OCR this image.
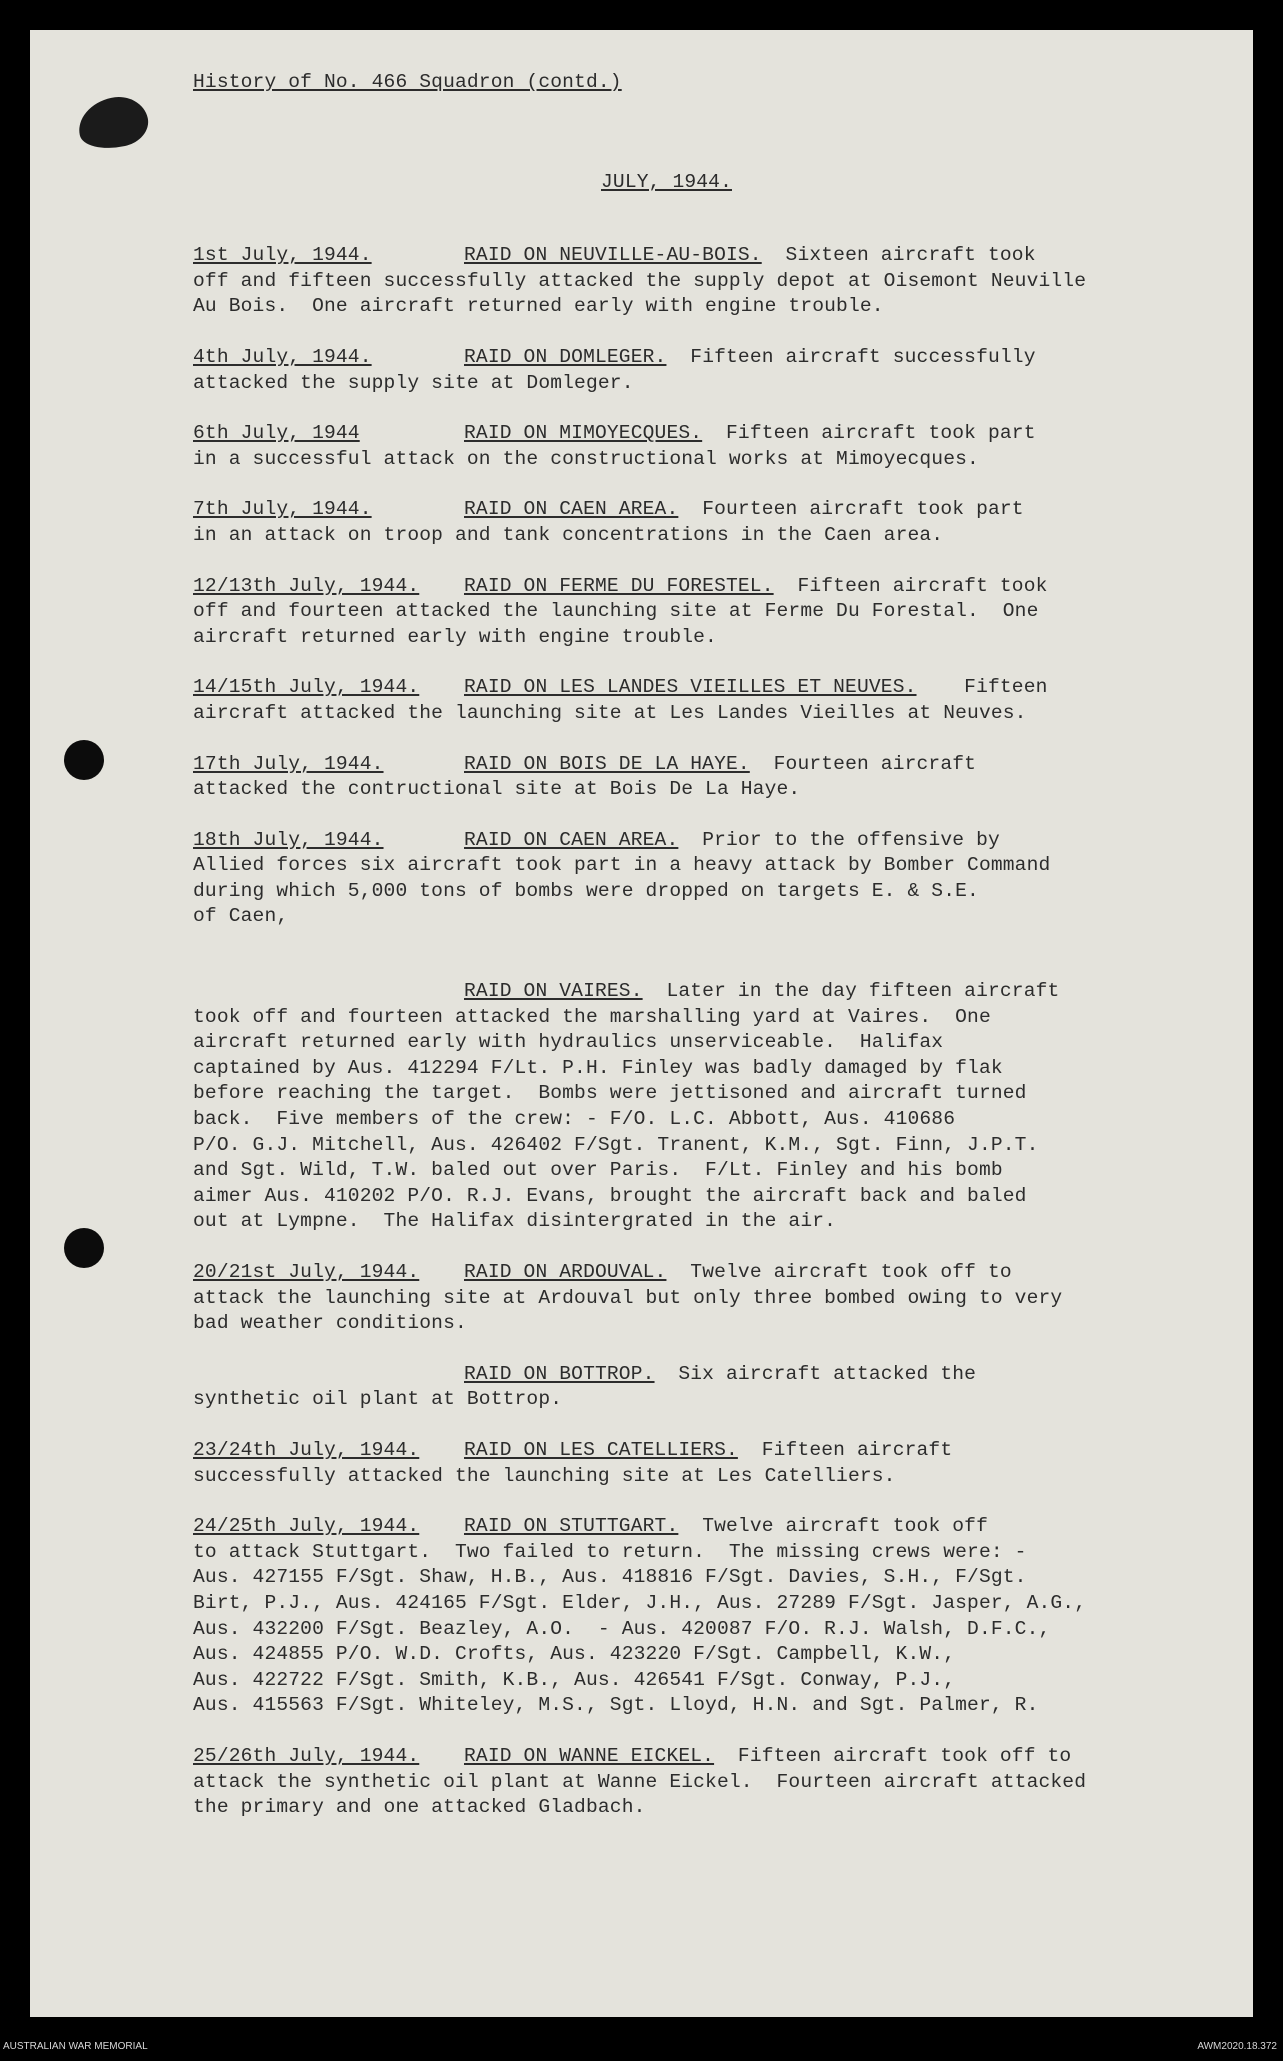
History of No. 466 Squadron (contd.)
JULY, 1944.
1st July, 1944.	RAID ON NEUVILLE-AU-BOIS. Sixteen aircraft took
off and fifteen successfully attacked the supply depot at Oisemont Neuville
Au Bois.  One aircraft returned early with engine trouble.
4th July, 1944.	RAID ON DOMLEGER. Fifteen aircraft successfully
attacked the supply site at Domleger.
6th July, 1944	RAID ON MIMOYECQUES. Fifteen aircraft took part
in a successful attack on the constructional works at Mimoyecques.
7th July, 1944.	RAID ON CAEN AREA. Fourteen aircraft took part
in an attack on troop and tank concentrations in the Caen area.
12/13th July, 1944. RAID ON FERME DU FORESTEL. Fifteen aircraft took
off and fourteen attacked the launching site at Ferme Du Forestal.  One
aircraft returned early with engine trouble.
14/15th July, 1944. RAID ON LES LANDES VIEILLES ET NEUVES. Fifteen
aircraft attacked the launching site at Les Landes Vieilles at Neuves.
17th July, 1944.	RAID ON BOIS DE LA HAYE. Fourteen aircraft
attacked the contructional site at Bois De La Haye.
18th July, 1944.	RAID ON CAEN AREA. Prior to the offensive by
Allied forces six aircraft took part in a heavy attack by Bomber Command
during which 5,000 tons of bombs were dropped on targets E. & S.E.
of Caen,
RAID ON VAIRES. Later in the day fifteen aircraft
took off and fourteen attacked the marshalling yard at Vaires.  One
aircraft returned early with hydraulics unserviceable.  Halifax
captained by Aus. 412294 F/Lt. P.H. Finley was badly damaged by flak
before reaching the target.  Bombs were jettisoned and aircraft turned
back.  Five members of the crew: - F/O. L.C. Abbott, Aus. 410686
P/O. G.J. Mitchell, Aus. 426402 F/Sgt. Tranent, K.M., Sgt. Finn, J.P.T.
and Sgt. Wild, T.W. baled out over Paris.  F/Lt. Finley and his bomb
aimer Aus. 410202 P/O. R.J. Evans, brought the aircraft back and baled
out at Lympne.  The Halifax disintergrated in the air.
20/21st July, 1944. RAID ON ARDOUVAL. Twelve aircraft took off to
attack the launching site at Ardouval but only three bombed owing to very
bad weather conditions.
RAID ON BOTTROP. Six aircraft attacked the
synthetic oil plant at Bottrop.
23/24th July, 1944. RAID ON LES CATELLIERS. Fifteen aircraft
successfully attacked the launching site at Les Catelliers.
24/25th July, 1944. RAID ON STUTTGART. Twelve aircraft took off
to attack Stuttgart.  Two failed to return.  The missing crews were: -
Aus. 427155 F/Sgt. Shaw, H.B., Aus. 418816 F/Sgt. Davies, S.H., F/Sgt.
Birt, P.J., Aus. 424165 F/Sgt. Elder, J.H., Aus. 27289 F/Sgt. Jasper, A.G.,
Aus. 432200 F/Sgt. Beazley, A.O.  - Aus. 420087 F/O. R.J. Walsh, D.F.C.,
Aus. 424855 P/O. W.D. Crofts, Aus. 423220 F/Sgt. Campbell, K.W.,
Aus. 422722 F/Sgt. Smith, K.B., Aus. 426541 F/Sgt. Conway, P.J.,
Aus. 415563 F/Sgt. Whiteley, M.S., Sgt. Lloyd, H.N. and Sgt. Palmer, R.
25/26th July, 1944. RAID ON WANNE EICKEL. Fifteen aircraft took off to
attack the synthetic oil plant at Wanne Eickel.  Fourteen aircraft attacked
the primary and one attacked Gladbach.
AUSTRALIAN WAR MEMORIAL	AWM2020.18.372
